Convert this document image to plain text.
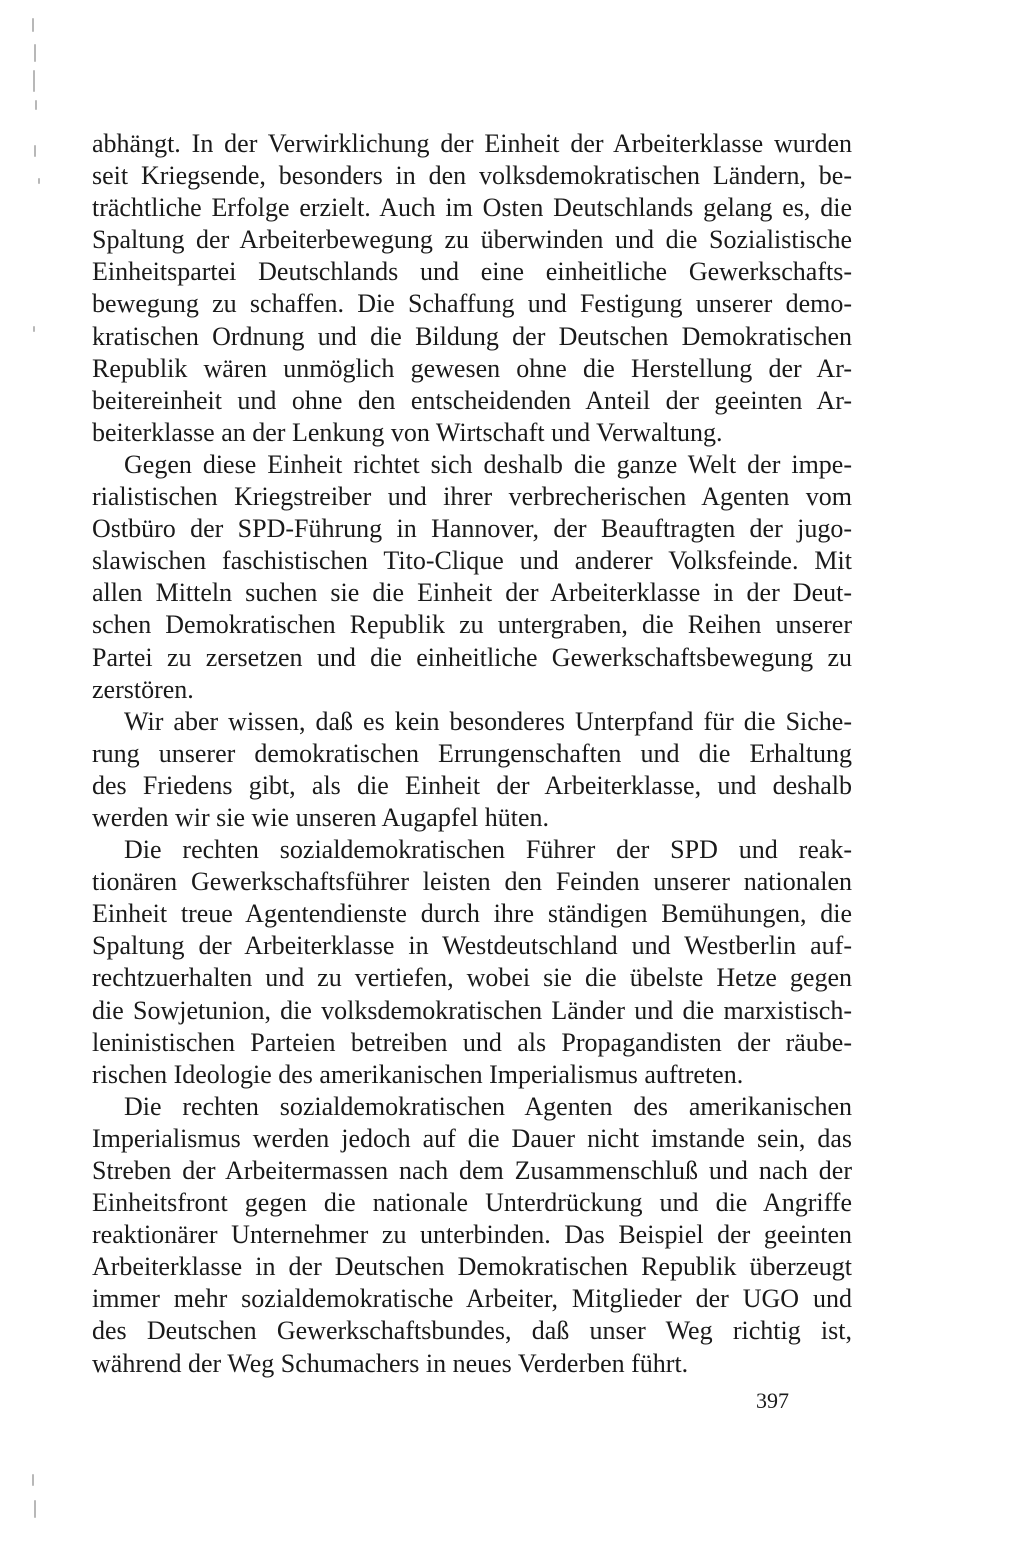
abhängt. In der Verwirklichung der Einheit der Arbeiterklasse wurden
seit Kriegsende, besonders in den volksdemokratischen Ländern, be-
trächtliche Erfolge erzielt. Auch im Osten Deutschlands gelang es, die
Spaltung der Arbeiterbewegung zu überwinden und die Sozialistische
Einheitspartei Deutschlands und eine einheitliche Gewerkschafts-
bewegung zu schaffen. Die Schaffung und Festigung unserer demo-
kratischen Ordnung und die Bildung der Deutschen Demokratischen
Republik wären unmöglich gewesen ohne die Herstellung der Ar-
beitereinheit und ohne den entscheidenden Anteil der geeinten Ar-
beiterklasse an der Lenkung von Wirtschaft und Verwaltung.
Gegen diese Einheit richtet sich deshalb die ganze Welt der impe-
rialistischen Kriegstreiber und ihrer verbrecherischen Agenten vom
Ostbüro der SPD-Führung in Hannover, der Beauftragten der jugo-
slawischen faschistischen Tito-Clique und anderer Volksfeinde. Mit
allen Mitteln suchen sie die Einheit der Arbeiterklasse in der Deut-
schen Demokratischen Republik zu untergraben, die Reihen unserer
Partei zu zersetzen und die einheitliche Gewerkschaftsbewegung zu
zerstören.
Wir aber wissen, daß es kein besonderes Unterpfand für die Siche-
rung unserer demokratischen Errungenschaften und die Erhaltung
des Friedens gibt, als die Einheit der Arbeiterklasse, und deshalb
werden wir sie wie unseren Augapfel hüten.
Die rechten sozialdemokratischen Führer der SPD und reak-
tionären Gewerkschaftsführer leisten den Feinden unserer nationalen
Einheit treue Agentendienste durch ihre ständigen Bemühungen, die
Spaltung der Arbeiterklasse in Westdeutschland und Westberlin auf-
rechtzuerhalten und zu vertiefen, wobei sie die übelste Hetze gegen
die Sowjetunion, die volksdemokratischen Länder und die marxistisch-
leninistischen Parteien betreiben und als Propagandisten der räube-
rischen Ideologie des amerikanischen Imperialismus auftreten.
Die rechten sozialdemokratischen Agenten des amerikanischen
Imperialismus werden jedoch auf die Dauer nicht imstande sein, das
Streben der Arbeitermassen nach dem Zusammenschluß und nach der
Einheitsfront gegen die nationale Unterdrückung und die Angriffe
reaktionärer Unternehmer zu unterbinden. Das Beispiel der geeinten
Arbeiterklasse in der Deutschen Demokratischen Republik überzeugt
immer mehr sozialdemokratische Arbeiter, Mitglieder der UGO und
des Deutschen Gewerkschaftsbundes, daß unser Weg richtig ist,
während der Weg Schumachers in neues Verderben führt.
397
